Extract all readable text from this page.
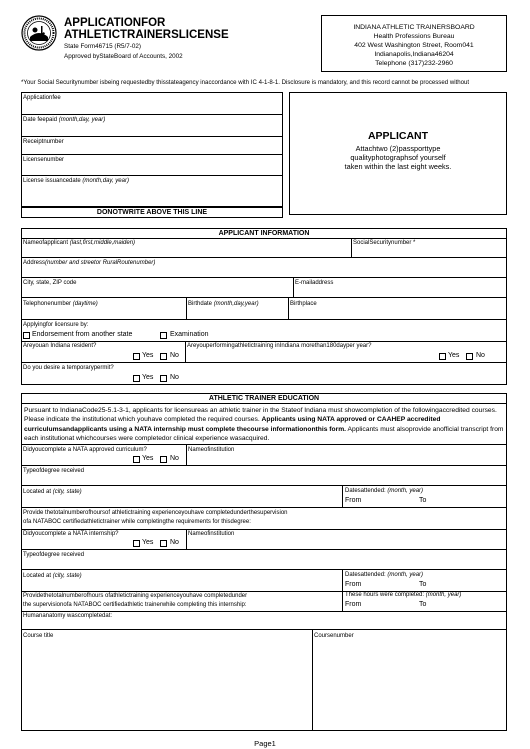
APPLICATIONFOR
ATHLETICTRAINERSLICENSE
State Form46715 (R5/7-02)
Approved byStateBoard of Accounts, 2002
INDIANA ATHLETIC TRAINERSBOARD
Health Professions Bureau
402 West Washington Street, Room041
Indianapolis,Indiana46204
Telephone (317)232-2960
*Your Social Securitynumber isbeing requestedby thisstateagency inaccordance with IC 4-1-8-1. Disclosure is mandatory, and this record cannot be processed without
Applicationfee
Date feepaid (month,day, year)
Receiptnumber
Licensenumber
License issuancedate (month,day, year)
DONOTWRITE ABOVE THIS LINE
APPLICANT
Attachtwo (2)passporttype
qualityphotographsof yourself
taken within the last eight weeks.
APPLICANT INFORMATION
Nameofapplicant (last,first,middle,maiden)	SocialSecuritynumber *
Address(number and streetor RuralRoutenumber)
City, state, ZIP code	E-mailaddress
Telephonenumber (daytime)	Birthdate (month,day,year)	Birthplace
Applyingfor licensure by:
Endorsement from another state	Examination
Areyouan Indiana resident?
Yes No
Areyouperformingathletictraining inIndiana morethan180dayper year?
Yes No
Do you desire a temporarypermit?
Yes No
ATHLETIC TRAINER EDUCATION
Pursuant to IndianaCode25-5.1-3-1, applicants for licensureas an athletic trainer in the Stateof Indiana must showcompletion of the followingaccredited courses. Please indicate the institutionat which youhave completed the required courses. Applicants using NATA approved or CAAHEP accredited curriculumsandapplicants using a NATA internship must complete thecourse informationonthis form. Applicants must alsoprovide anofficial transcript from each institutionat whichcourses were completedor clinical experience wasacquired.
Didyoucomplete a NATA approved curriculum?
Yes No
Nameofinstitution
Typeofdegree received
Located at (city, state)	Datesattended: (month, year)
From	To
Provide thetotalnumberofhoursof athletictraining experienceyouhave completedunderthesupervision
ofa NATABOC certifiedathletictrainer while completingthe requirements for thisdegree:
Didyoucomplete a NATA internship?
Yes No
Nameofinstitution
Typeofdegree received
Located at (city, state)	Datesattended: (month, year)
From	To
Providethetotalnumberofhours ofathletictraining experienceyouhave completedunder
the supervisionofa NATABOC certifiedathletic trainerwhile completing this internship:
These hours were completed: (month, year)
From	To
Humananatomy wascompletedat:
Course title	Coursenumber
Page1
